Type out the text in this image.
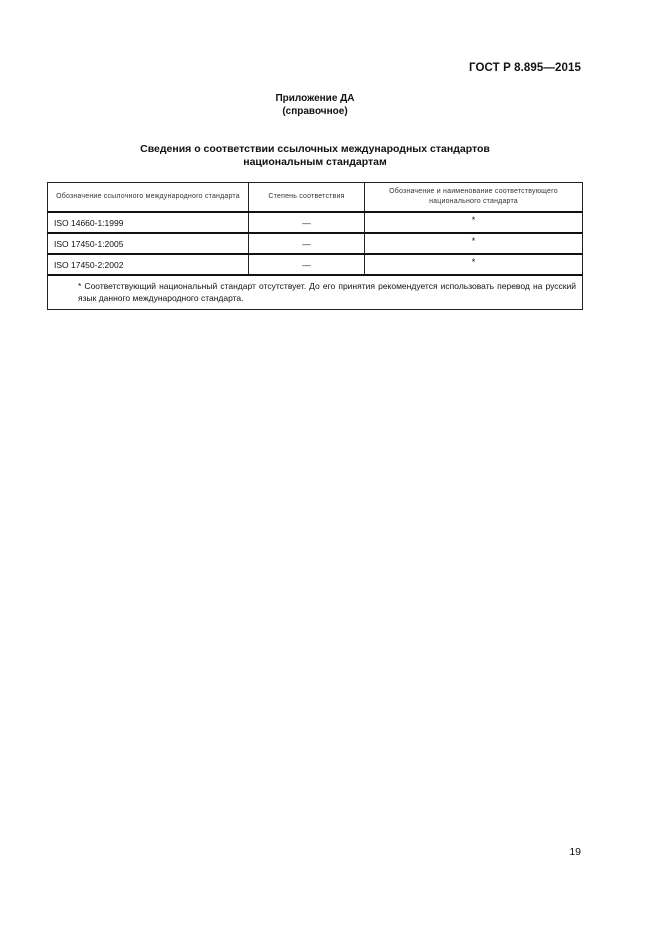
ГОСТ Р 8.895—2015
Приложение ДА
(справочное)
Сведения о соответствии ссылочных международных стандартов
национальным стандартам
Обозначение ссылочного международного стандарта	Степень соответствия	Обозначение и наименование соответствующего национального стандарта
ISO 14660-1:1999	—	*
ISO 17450-1:2005	—	*
ISO 17450-2:2002	—	*

* Соответствующий национальный стандарт отсутствует. До его принятия рекомендуется использовать перевод на русский язык данного международного стандарта.		
19
